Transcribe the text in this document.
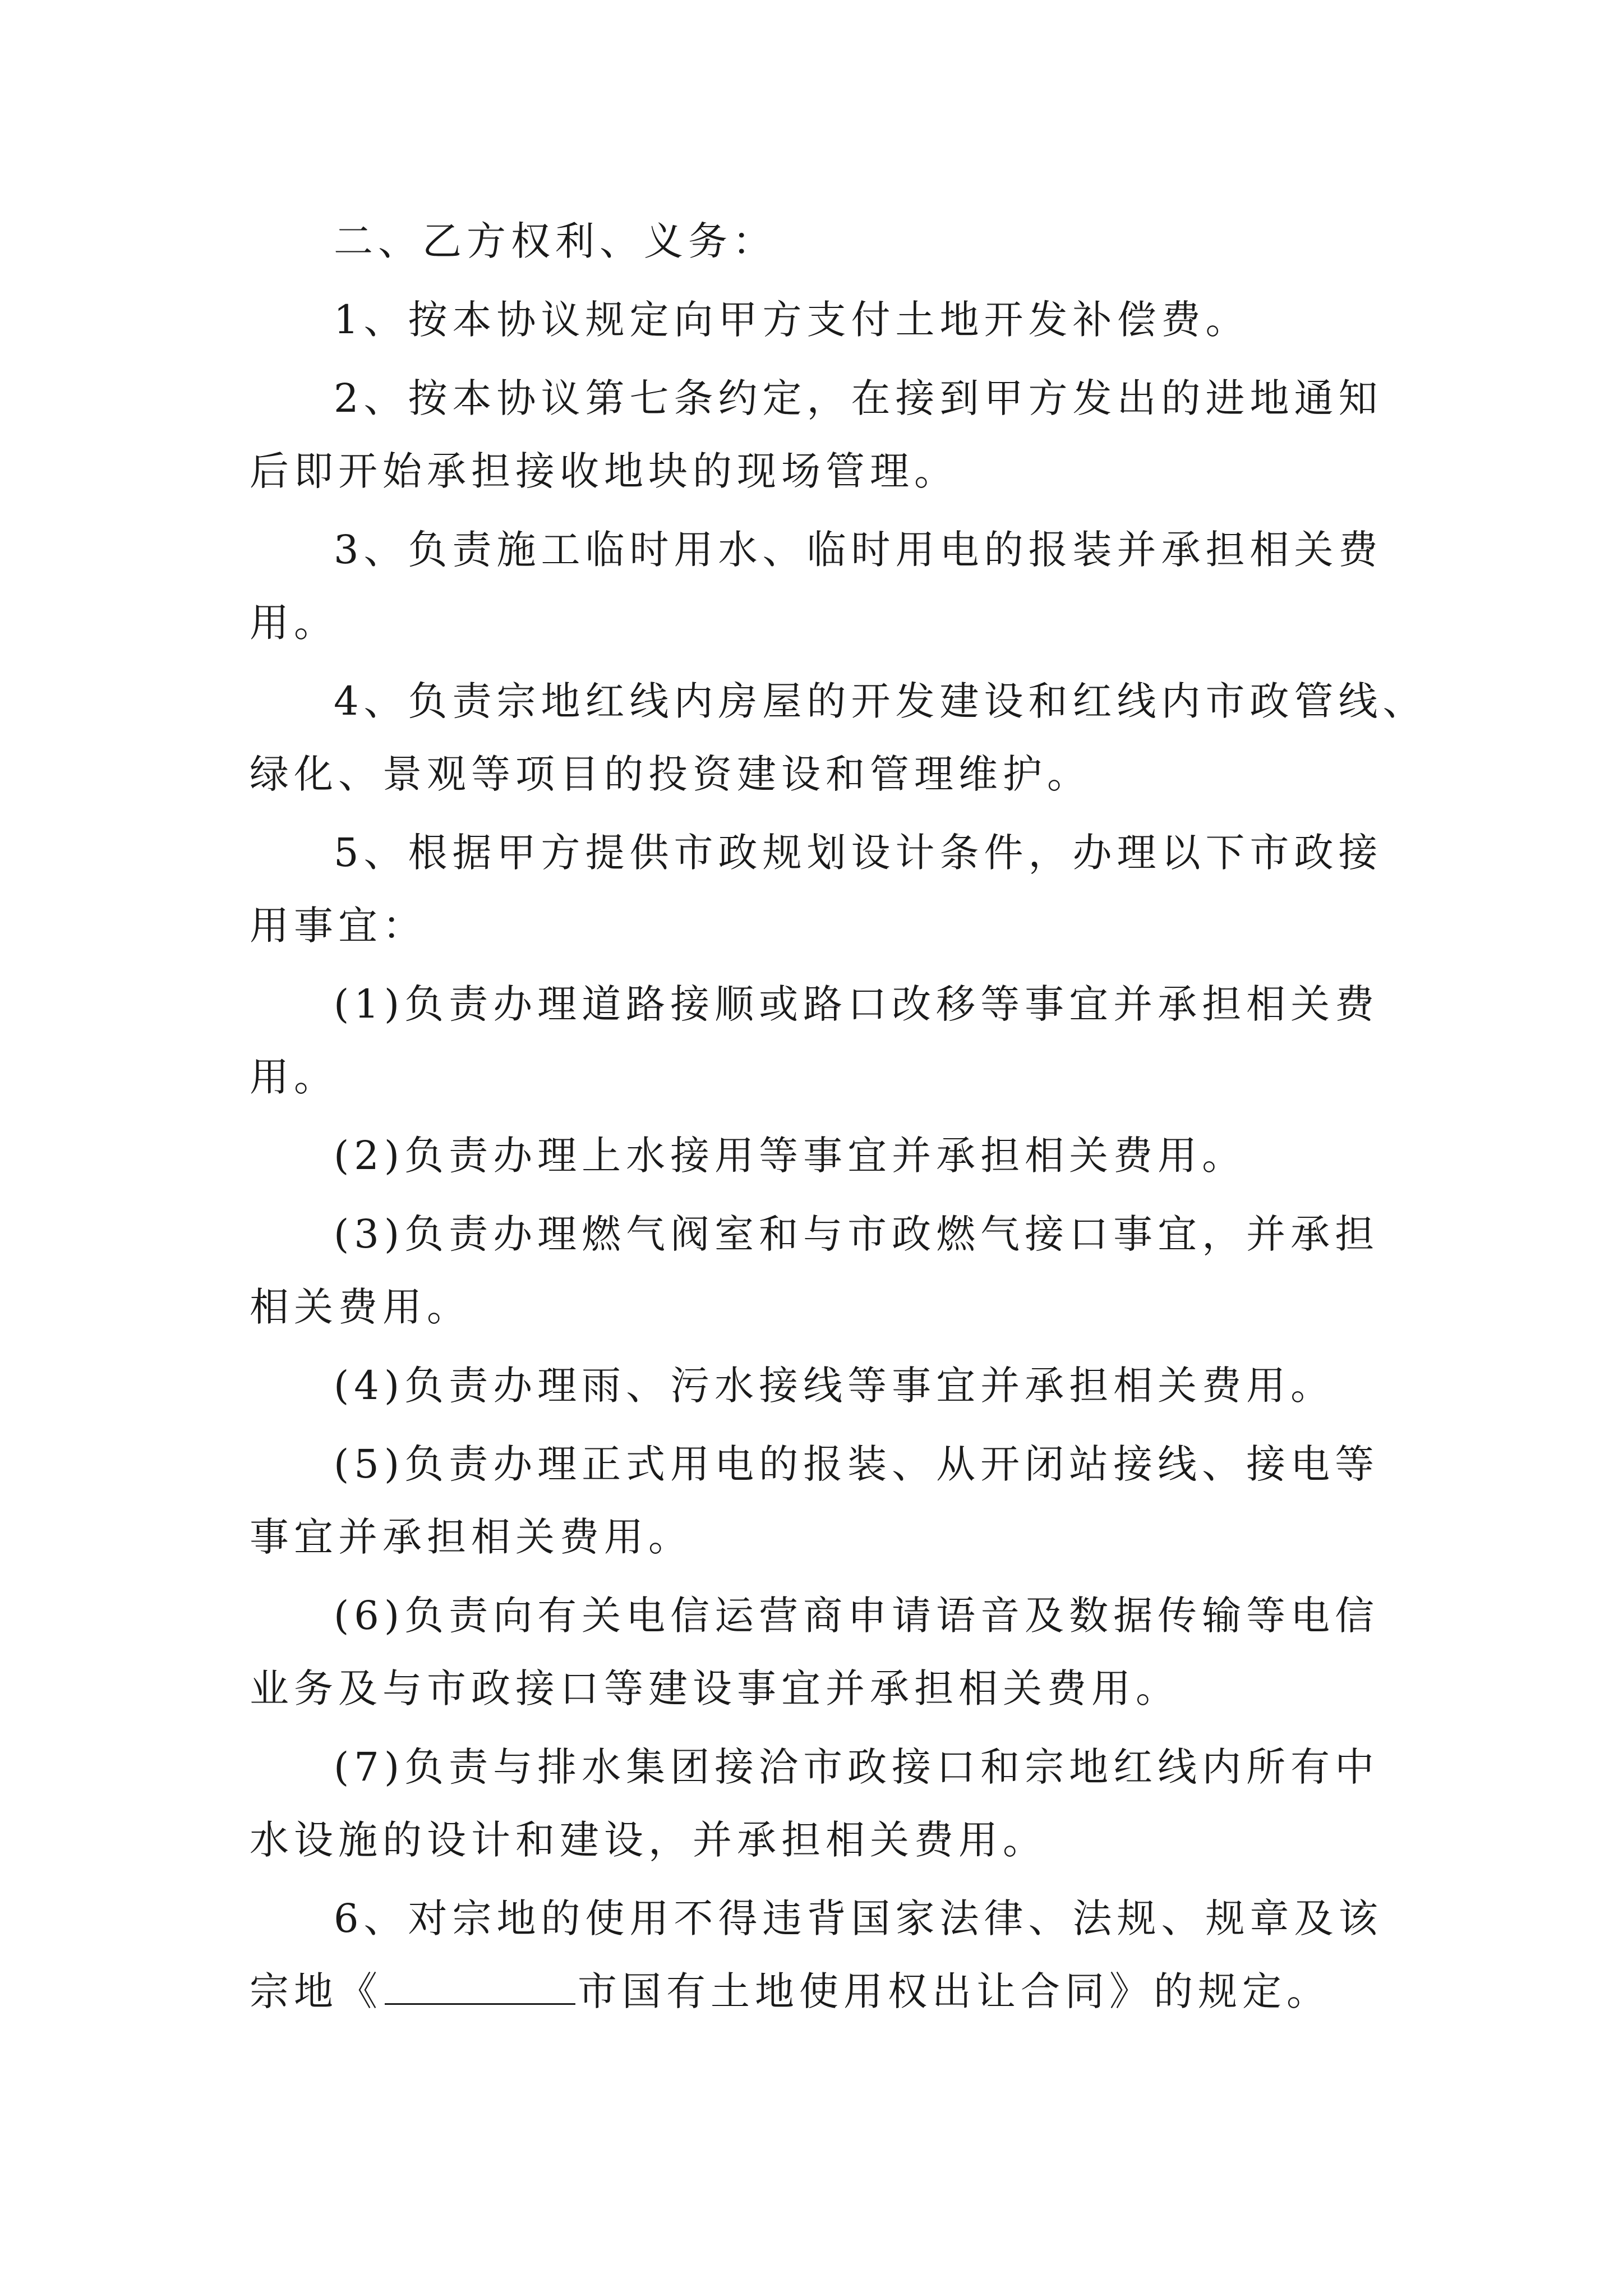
二、乙方权利、义务：
1、按本协议规定向甲方支付土地开发补偿费。
2、按本协议第七条约定，在接到甲方发出的进地通知
后即开始承担接收地块的现场管理。
3、负责施工临时用水、临时用电的报装并承担相关费
用。
4、负责宗地红线内房屋的开发建设和红线内市政管线、
绿化、景观等项目的投资建设和管理维护。
5、根据甲方提供市政规划设计条件，办理以下市政接
用事宜：
(1)负责办理道路接顺或路口改移等事宜并承担相关费
用。
(2)负责办理上水接用等事宜并承担相关费用。
(3)负责办理燃气阀室和与市政燃气接口事宜，并承担
相关费用。
(4)负责办理雨、污水接线等事宜并承担相关费用。
(5)负责办理正式用电的报装、从开闭站接线、接电等
事宜并承担相关费用。
(6)负责向有关电信运营商申请语音及数据传输等电信
业务及与市政接口等建设事宜并承担相关费用。
(7)负责与排水集团接洽市政接口和宗地红线内所有中
水设施的设计和建设，并承担相关费用。
6、对宗地的使用不得违背国家法律、法规、规章及该
宗地《	市国有土地使用权出让合同》的规定。
